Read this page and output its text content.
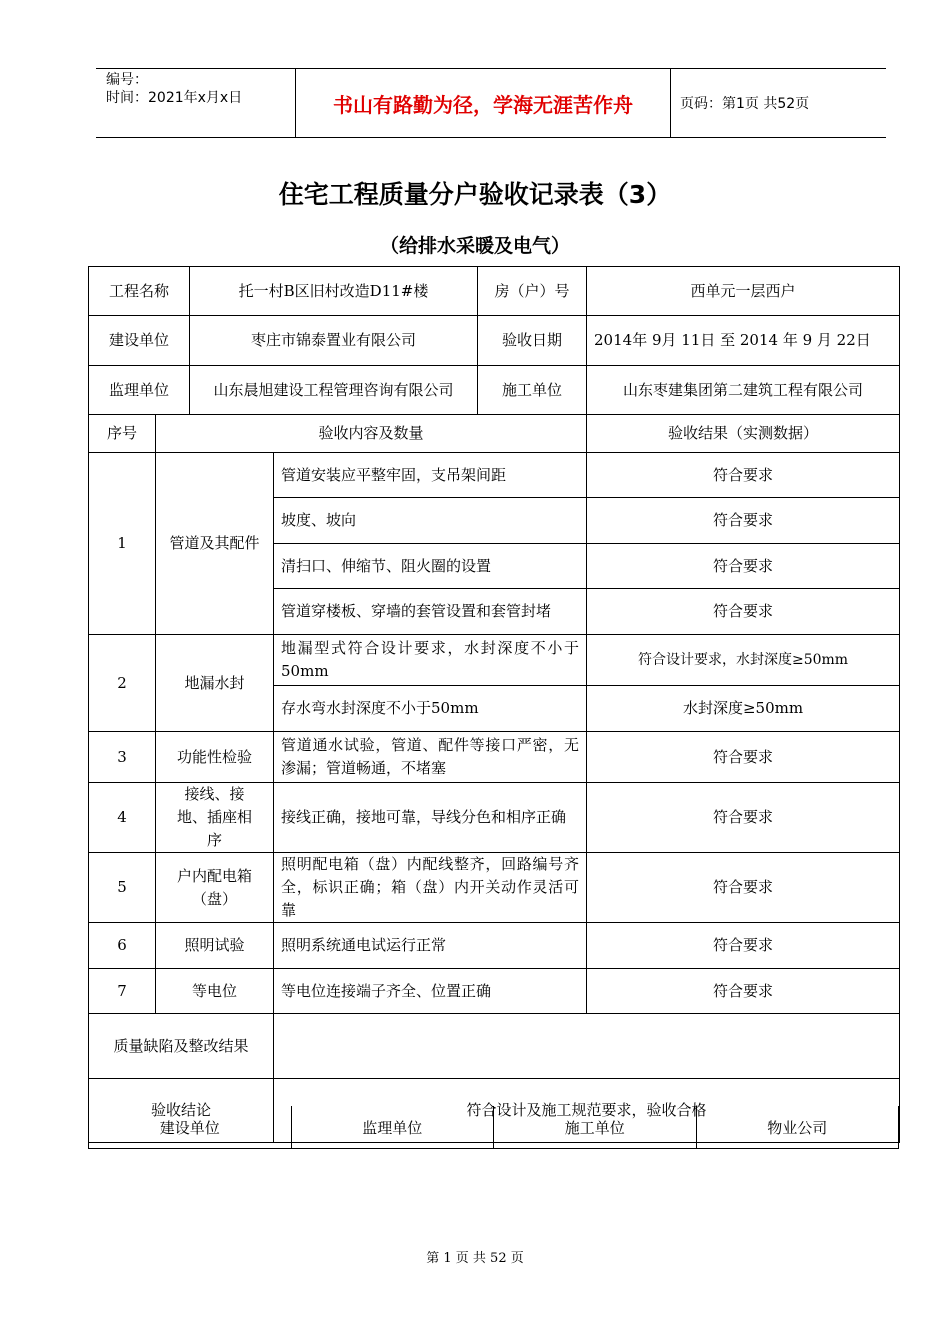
编号：
时间：2021年x月x日	书山有路勤为径，学海无涯苦作舟	页码：第1页 共52页
住宅工程质量分户验收记录表（3）
（给排水采暖及电气）
工程名称		托一村B区旧村改造D11#楼		房（户）号	西单元一层西户
建设单位		枣庄市锦泰置业有限公司		验收日期	2014年 9月 11日 至 2014 年 9 月 22日
监理单位		山东晨旭建设工程管理咨询有限公司		施工单位	山东枣建集团第二建筑工程有限公司
序号	验收内容及数量				验收结果（实测数据）
1	管道及其配件		管道安装应平整牢固，支吊架间距		符合要求
			坡度、坡向		符合要求
			清扫口、伸缩节、阻火圈的设置		符合要求
			管道穿楼板、穿墙的套管设置和套管封堵		符合要求
2	地漏水封		地漏型式符合设计要求，水封深度不小于50mm		符合设计要求，水封深度≥50mm
			存水弯水封深度不小于50mm		水封深度≥50mm
3	功能性检验		管道通水试验，管道、配件等接口严密，无渗漏；管道畅通，不堵塞		符合要求
4	接线、接地、插座相序		接线正确，接地可靠，导线分色和相序正确		符合要求
5	户内配电箱（盘）		照明配电箱（盘）内配线整齐，回路编号齐全，标识正确；箱（盘）内开关动作灵活可靠		符合要求
6	照明试验		照明系统通电试运行正常		符合要求
7	等电位		等电位连接端子齐全、位置正确		符合要求
质量缺陷及整改结果					
验收结论			符合设计及施工规范要求，验收合格		
建设单位	监理单位	施工单位	物业公司
第 1 页 共 52 页
